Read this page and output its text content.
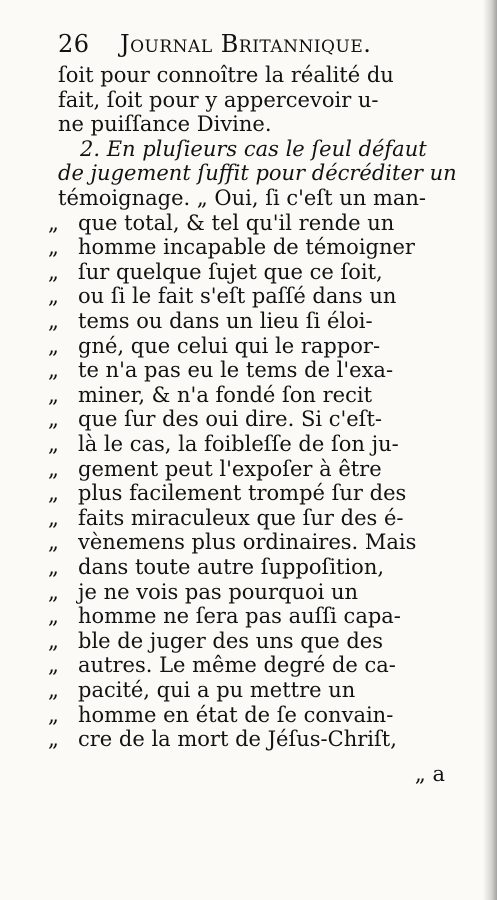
26 Journal Britannique.
ſoit pour connoître la réalité du
fait, ſoit pour y appercevoir u-
ne puiſſance Divine.
2. En pluſieurs cas le ſeul défaut
de jugement ſuffit pour décréditer un
témoignage. „ Oui, ſi c'eſt un man-
„ que total, & tel qu'il rende un
„ homme incapable de témoigner
„ ſur quelque ſujet que ce ſoit,
„ ou ſi le fait s'eſt paſſé dans un
„ tems ou dans un lieu ſi éloi-
„ gné, que celui qui le rappor-
„ te n'a pas eu le tems de l'exa-
„ miner, & n'a fondé ſon recit
„ que ſur des oui dire. Si c'eſt-
„ là le cas, la foibleſſe de ſon ju-
„ gement peut l'expoſer à être
„ plus facilement trompé ſur des
„ faits miraculeux que ſur des é-
„ vènemens plus ordinaires. Mais
„ dans toute autre ſuppoſition,
„ je ne vois pas pourquoi un
„ homme ne ſera pas auſſi capa-
„ ble de juger des uns que des
„ autres. Le même degré de ca-
„ pacité, qui a pu mettre un
„ homme en état de ſe convain-
„ cre de la mort de Jéſus-Chriſt,
„ a
